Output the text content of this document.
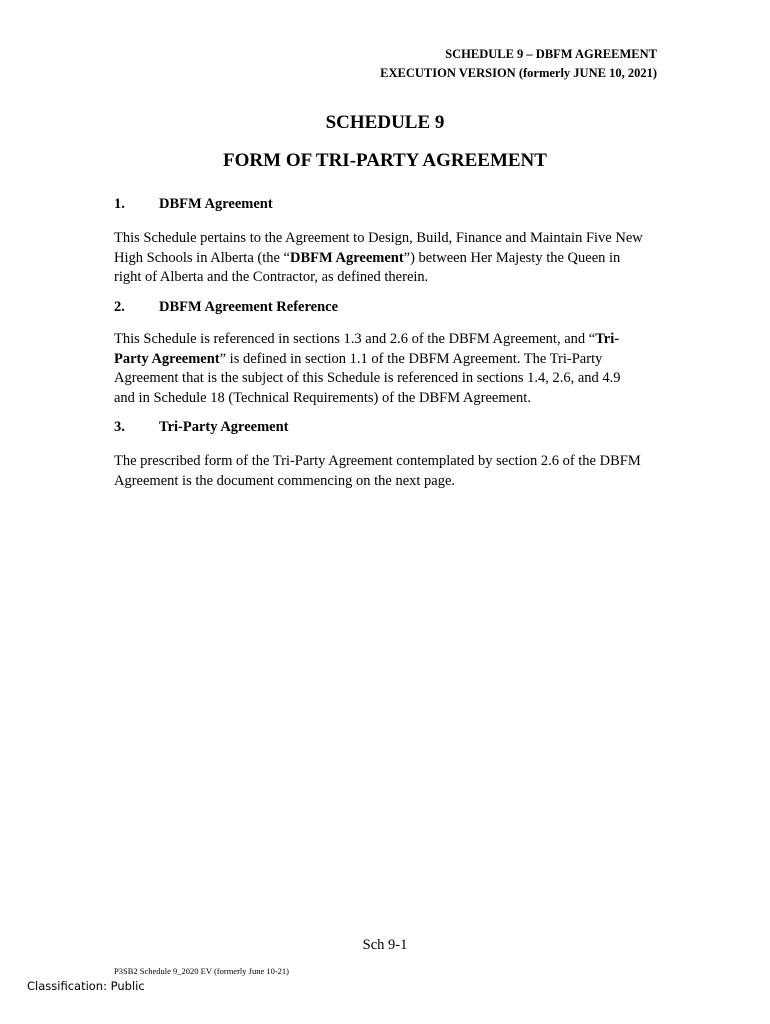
SCHEDULE 9 – DBFM AGREEMENT
EXECUTION VERSION (formerly JUNE 10, 2021)
SCHEDULE 9
FORM OF TRI-PARTY AGREEMENT
1. DBFM Agreement
This Schedule pertains to the Agreement to Design, Build, Finance and Maintain Five New High Schools in Alberta (the “DBFM Agreement”) between Her Majesty the Queen in right of Alberta and the Contractor, as defined therein.
2. DBFM Agreement Reference
This Schedule is referenced in sections 1.3 and 2.6 of the DBFM Agreement, and “Tri-Party Agreement” is defined in section 1.1 of the DBFM Agreement. The Tri-Party Agreement that is the subject of this Schedule is referenced in sections 1.4, 2.6, and 4.9 and in Schedule 18 (Technical Requirements) of the DBFM Agreement.
3. Tri-Party Agreement
The prescribed form of the Tri-Party Agreement contemplated by section 2.6 of the DBFM Agreement is the document commencing on the next page.
Sch 9-1
P3SB2 Schedule 9_2020 EV (formerly June 10-21)
Classification: Public
